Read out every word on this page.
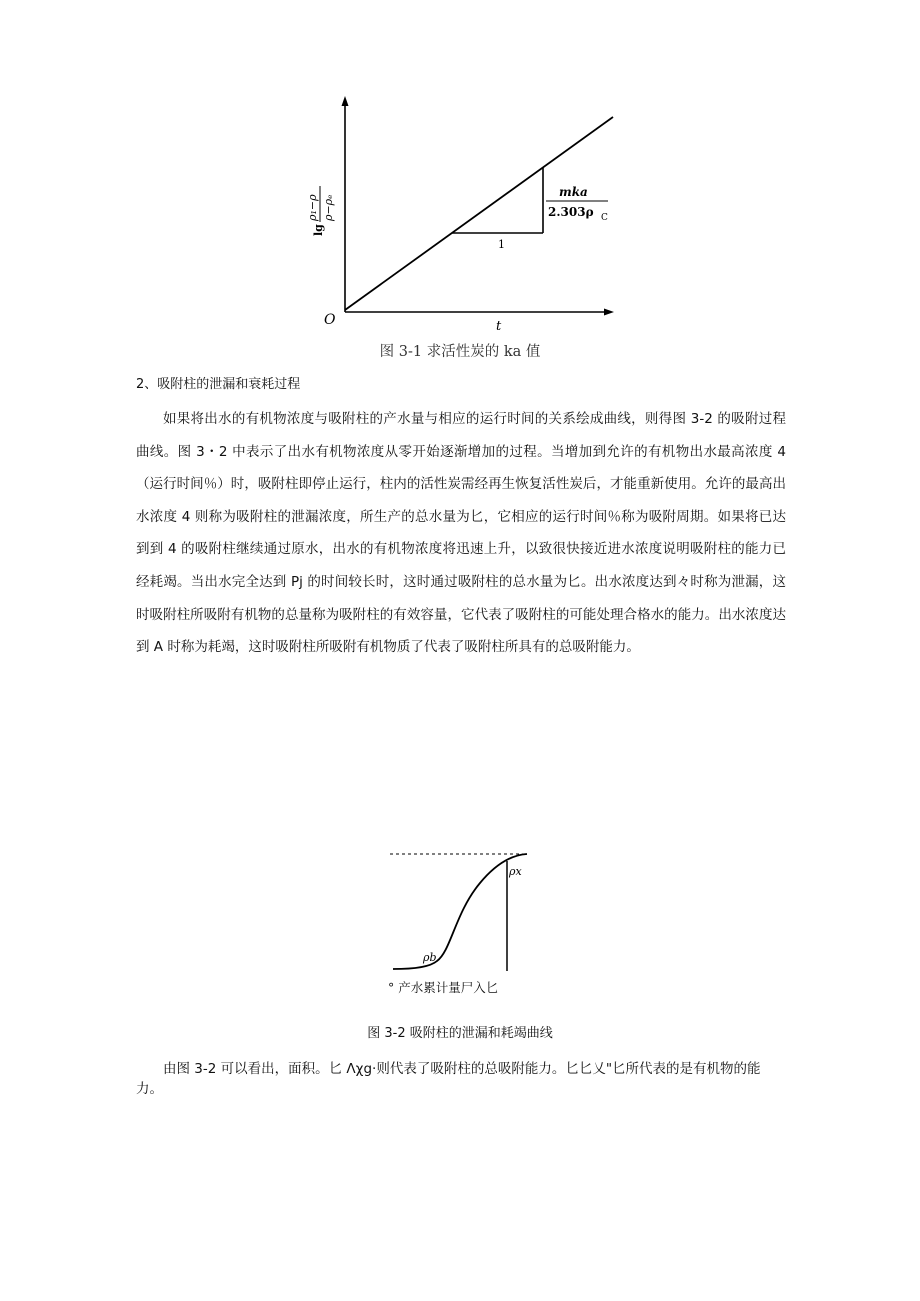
O	t
1
mka
2.303ρ C
lg
ρ₁−ρ ρ−ρₑ
图 3-1 求活性炭的 ka 值
2、吸附柱的泄漏和衰耗过程

如果将出水的有机物浓度与吸附柱的产水量与相应的运行时间的关系绘成曲线，则得图 3-2 的吸附过程曲线。图 3・2 中表示了出水有机物浓度从零开始逐渐增加的过程。当增加到允许的有机物出水最高浓度 4（运行时间％）时，吸附柱即停止运行，柱内的活性炭需经再生恢复活性炭后，才能重新使用。允许的最高出水浓度 4 则称为吸附柱的泄漏浓度，所生产的总水量为匕，它相应的运行时间％称为吸附周期。如果将已达到到 4 的吸附柱继续通过原水，出水的有机物浓度将迅速上升，以致很快接近进水浓度说明吸附柱的能力已经耗竭。当出水完全达到 Pj 的时间较长时，这时通过吸附柱的总水量为匕。出水浓度达到々时称为泄漏，这时吸附柱所吸附有机物的总量称为吸附柱的有效容量，它代表了吸附柱的可能处理合格水的能力。出水浓度达到 A 时称为耗竭，这时吸附柱所吸附有机物质了代表了吸附柱所具有的总吸附能力。

ρx
ρb
° 产水累计量尸入匕
图 3-2 吸附柱的泄漏和耗竭曲线

由图 3-2 可以看出，面积。匕 Λχg·则代表了吸附柱的总吸附能力。匕匕乂"匕所代表的是有机物的能力。
